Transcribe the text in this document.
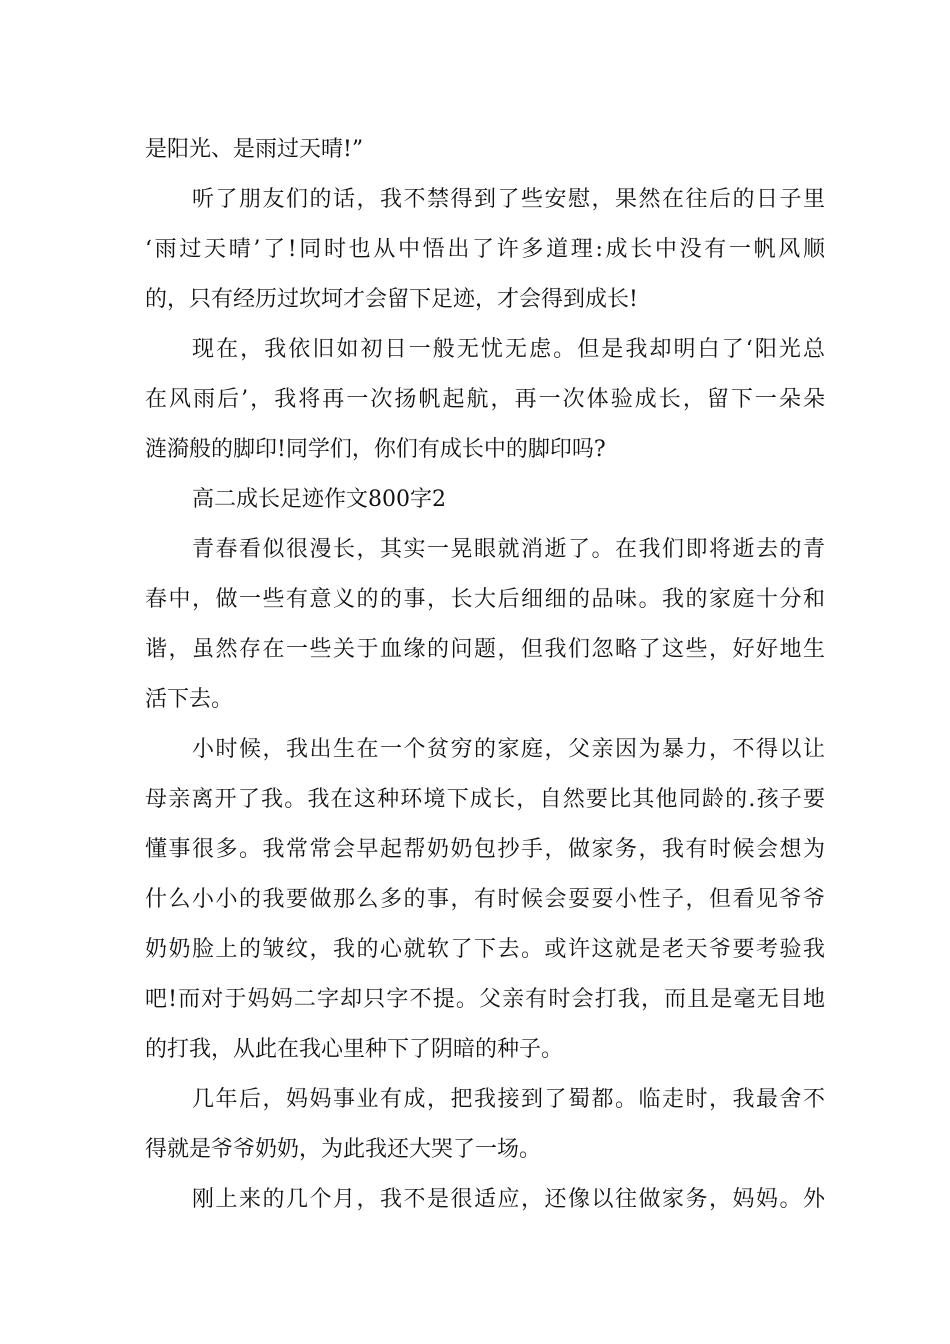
是阳光、是雨过天晴!”
听了朋友们的话，我不禁得到了些安慰，果然在往后的日子里
‘雨过天晴’了!同时也从中悟出了许多道理:成长中没有一帆风顺
的，只有经历过坎坷才会留下足迹，才会得到成长!
现在，我依旧如初日一般无忧无虑。但是我却明白了‘阳光总
在风雨后’，我将再一次扬帆起航，再一次体验成长，留下一朵朵
涟漪般的脚印!同学们，你们有成长中的脚印吗?
高二成长足迹作文800字2
青春看似很漫长，其实一晃眼就消逝了。在我们即将逝去的青
春中，做一些有意义的的事，长大后细细的品味。我的家庭十分和
谐，虽然存在一些关于血缘的问题，但我们忽略了这些，好好地生
活下去。
小时候，我出生在一个贫穷的家庭，父亲因为暴力，不得以让
母亲离开了我。我在这种环境下成长，自然要比其他同龄的.孩子要
懂事很多。我常常会早起帮奶奶包抄手，做家务，我有时候会想为
什么小小的我要做那么多的事，有时候会耍耍小性子，但看见爷爷
奶奶脸上的皱纹，我的心就软了下去。或许这就是老天爷要考验我
吧!而对于妈妈二字却只字不提。父亲有时会打我，而且是毫无目地
的打我，从此在我心里种下了阴暗的种子。
几年后，妈妈事业有成，把我接到了蜀都。临走时，我最舍不
得就是爷爷奶奶，为此我还大哭了一场。
刚上来的几个月，我不是很适应，还像以往做家务，妈妈。外
